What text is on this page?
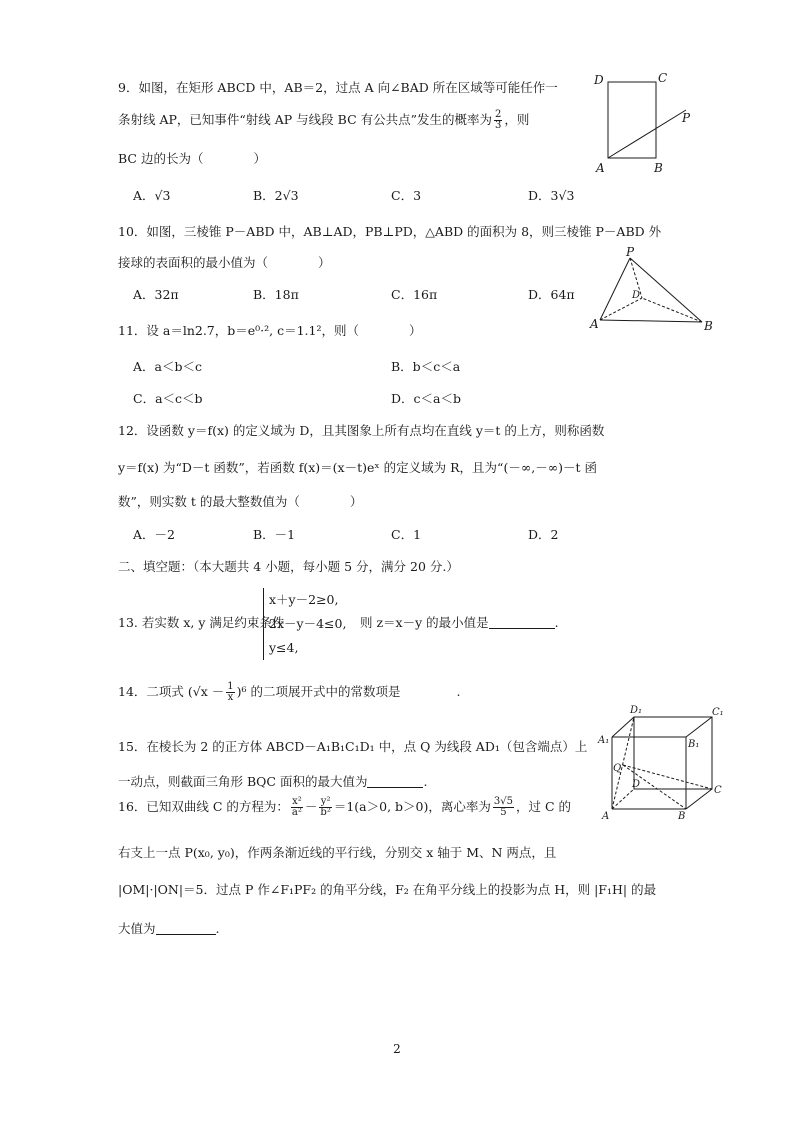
9．如图，在矩形 ABCD 中，AB＝2，过点 A 向∠BAD 所在区域等可能任作一
条射线 AP，已知事件“射线 AP 与线段 BC 有公共点”发生的概率为 $\frac{2}{3}$ ，则
BC 边的长为（　　　　）
A．√3	B．2√3	C．3	D．3√3
D	C
P
A	B
10．如图，三棱锥 P－ABD 中，AB⊥AD，PB⊥PD，△ABD 的面积为 8，则三棱锥 P－ABD 外
接球的表面积的最小值为（　　　　）
A．32π	B．18π	C．16π	D．64π
P
D
A	B
11．设 a＝ln2.7，b＝e⁰·², c＝1.1²，则（　　　　）
A．a＜b＜c	B．b＜c＜a
C．a＜c＜b	D．c＜a＜b
12．设函数 y＝f(x) 的定义域为 D，且其图象上所有点均在直线 y＝t 的上方，则称函数
y＝f(x) 为“D－t 函数”，若函数 f(x)＝(x－t)eˣ 的定义域为 R，且为“(－∞,－∞)－t 函
数”，则实数 t 的最大整数值为（　　　　）
A．－2	B．－1	C．1	D．2
二、填空题：（本大题共 4 小题，每小题 5 分，满分 20 分.）
13. 若实数 x, y 满足约束条件
x＋y－2≥0,
2x－y－4≤0,
y≤4,
则 z＝x－y 的最小值是	.
14．二项式 $(√x - \frac{1}{x} )^6$ 的二项展开式中的常数项是	.
15．在棱长为 2 的正方体 ABCD－A₁B₁C₁D₁ 中，点 Q 为线段 AD₁（包含端点）上
一动点，则截面三角形 BQC 面积的最大值为	.
D₁	C₁
A₁	B₁
Q
D
C
A	B
16．已知双曲线 C 的方程为： $\frac{\text{x²}}{\text{a²}} - \frac{\text{y²}}{\text{b²}} =1(a>0$, b＞0)，离心率为 $\frac{3√5}{5}$ ，过 C 的
右支上一点 P(x₀, y₀)，作两条渐近线的平行线，分别交 x 轴于 M、N 两点，且
|OM|·|ON|＝5．过点 P 作∠F₁PF₂ 的角平分线，F₂ 在角平分线上的投影为点 H，则 |F₁H| 的最
大值为	.
2
